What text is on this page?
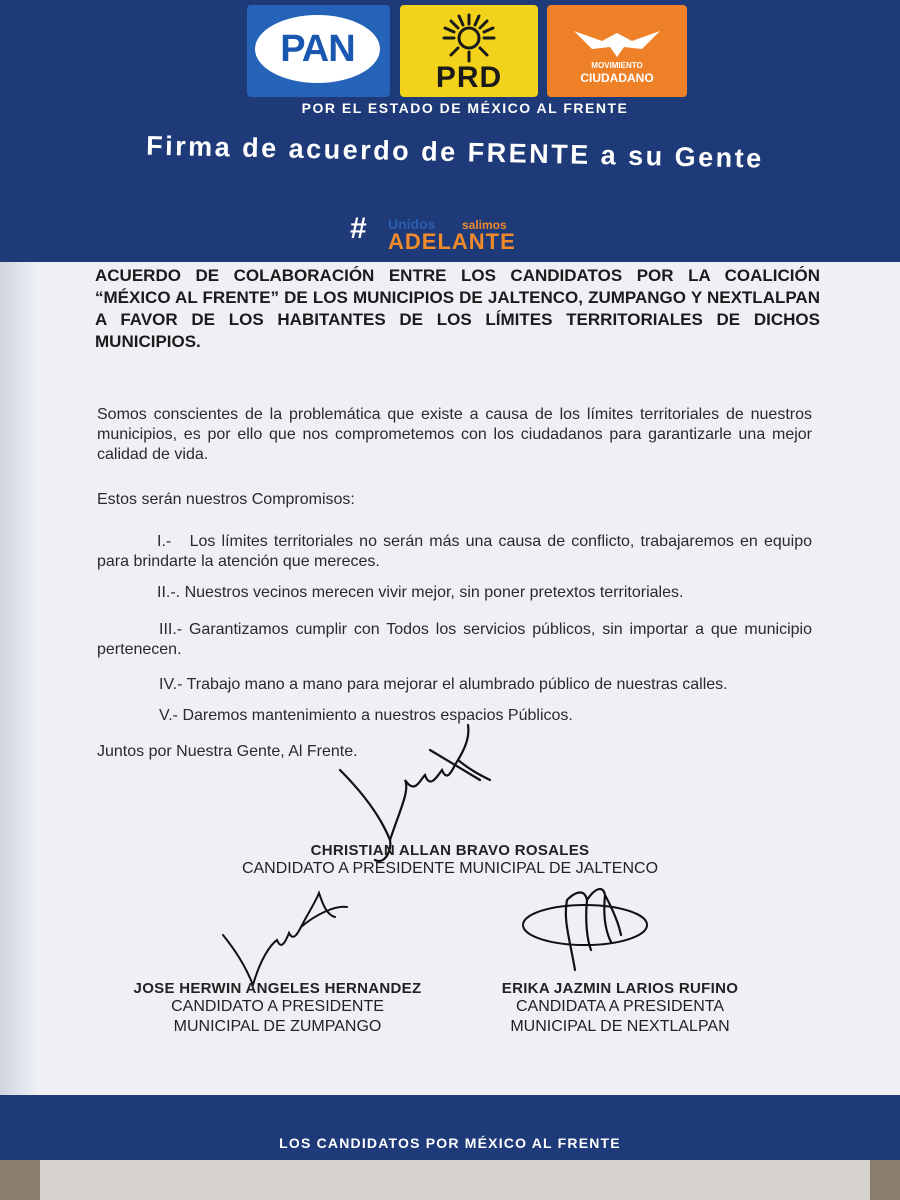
PAN
PRD	MOVIMIENTO
CIUDADANO
POR EL ESTADO DE MÉXICO AL FRENTE
Firma de acuerdo de FRENTE a su Gente
# Unidos salimos
ADELANTE
ACUERDO DE COLABORACIÓN ENTRE LOS CANDIDATOS POR LA COALICIÓN “MÉXICO AL FRENTE” DE LOS MUNICIPIOS DE JALTENCO, ZUMPANGO Y NEXTLALPAN A FAVOR DE LOS HABITANTES DE LOS LÍMITES TERRITORIALES DE DICHOS MUNICIPIOS.
Somos conscientes de la problemática que existe a causa de los límites territoriales de nuestros municipios, es por ello que nos comprometemos con los ciudadanos para garantizarle una mejor calidad de vida.
Estos serán nuestros Compromisos:
I.- Los límites territoriales no serán más una causa de conflicto, trabajaremos en equipo para brindarte la atención que mereces.
II.-. Nuestros vecinos merecen vivir mejor, sin poner pretextos territoriales.
III.- Garantizamos cumplir con Todos los servicios públicos, sin importar a que municipio pertenecen.
IV.- Trabajo mano a mano para mejorar el alumbrado público de nuestras calles.
V.- Daremos mantenimiento a nuestros espacios Públicos.
Juntos por Nuestra Gente, Al Frente.
CHRISTIAN ALLAN BRAVO ROSALES
CANDIDATO A PRESIDENTE MUNICIPAL DE JALTENCO
JOSE HERWIN ANGELES HERNANDEZ
CANDIDATO A PRESIDENTE
MUNICIPAL DE ZUMPANGO
ERIKA JAZMIN LARIOS RUFINO
CANDIDATA A PRESIDENTA
MUNICIPAL DE NEXTLALPAN
LOS CANDIDATOS POR MÉXICO AL FRENTE
